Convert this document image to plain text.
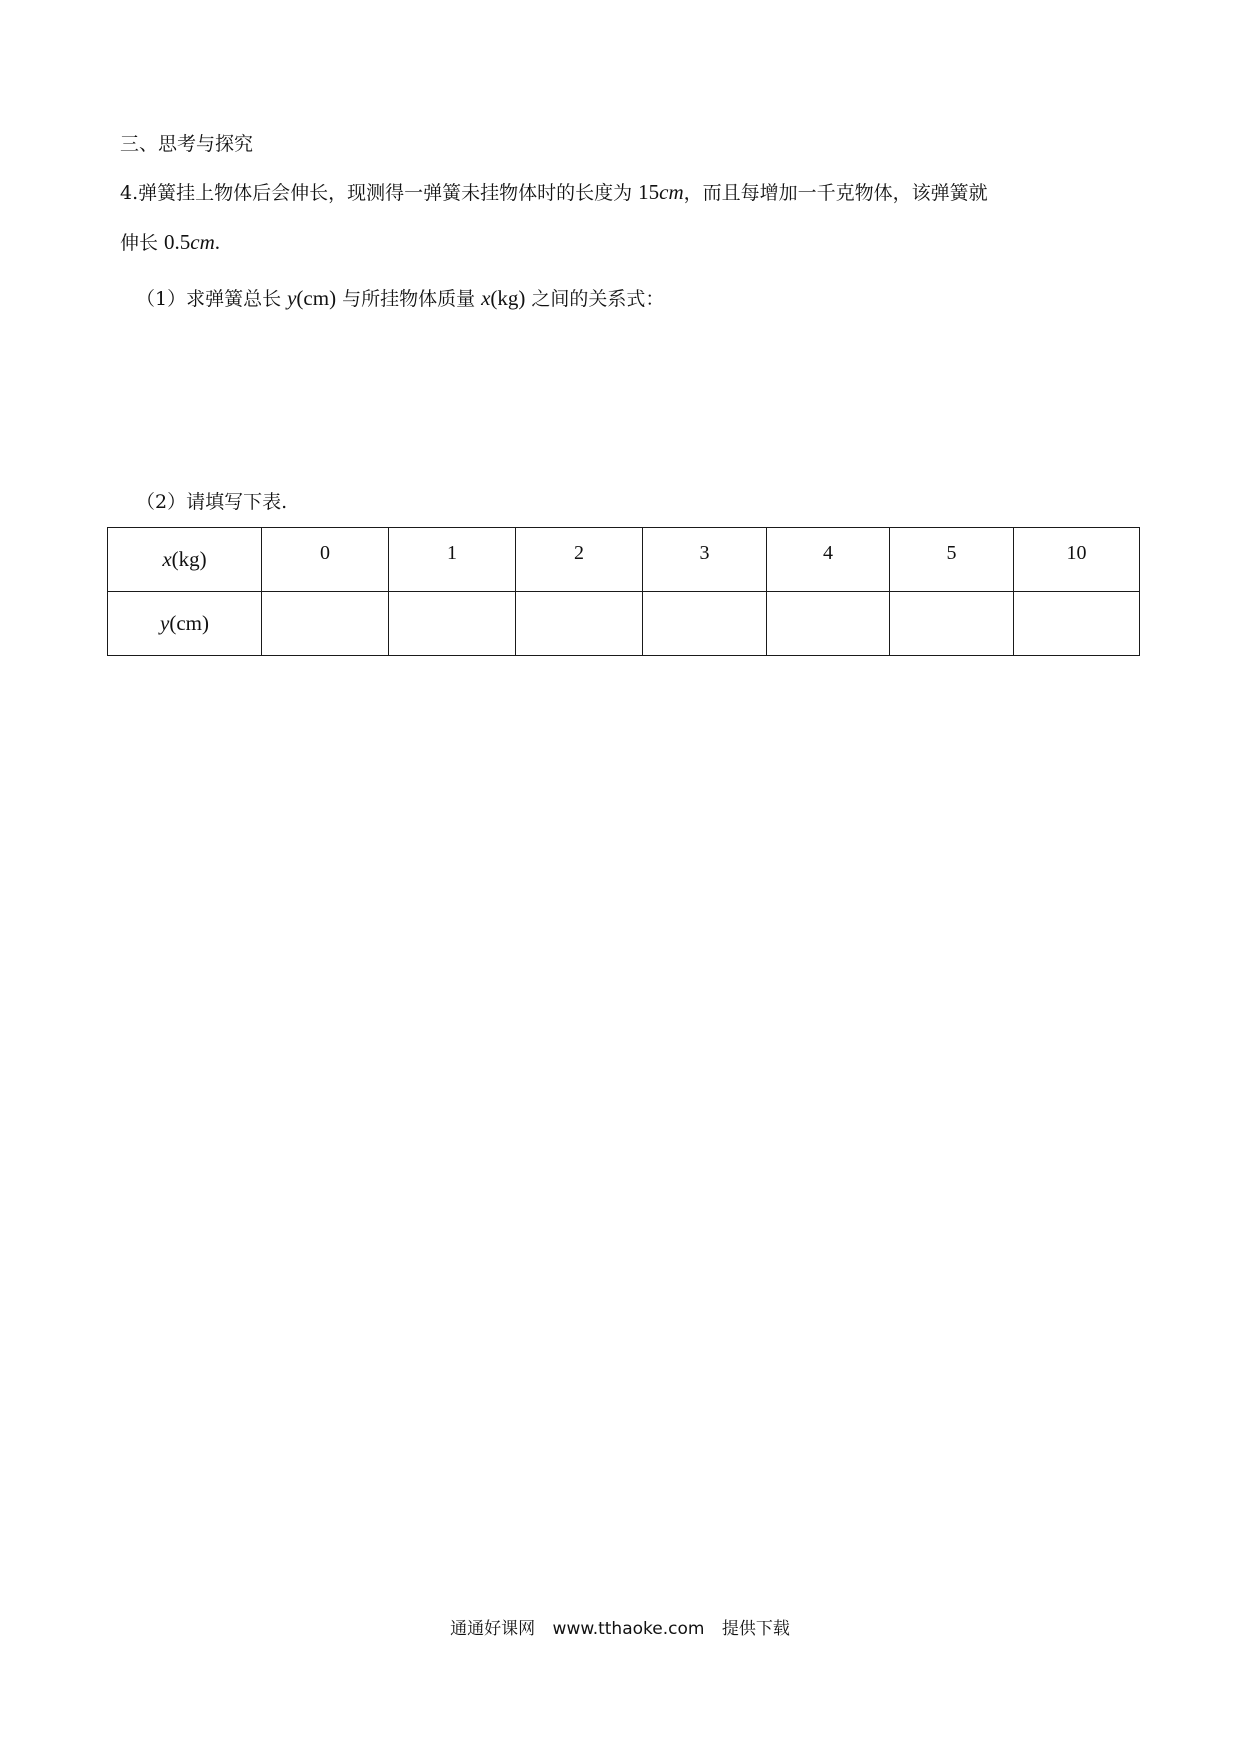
三、思考与探究
4.弹簧挂上物体后会伸长，现测得一弹簧未挂物体时的长度为 15cm，而且每增加一千克物体，该弹簧就
伸长 0.5cm.
（1）求弹簧总长 y(cm) 与所挂物体质量 x(kg) 之间的关系式：
（2）请填写下表.
x(kg)	0	1	2	3	4	5	10
y(cm)							
通通好课网 www.tthaoke.com 提供下载
